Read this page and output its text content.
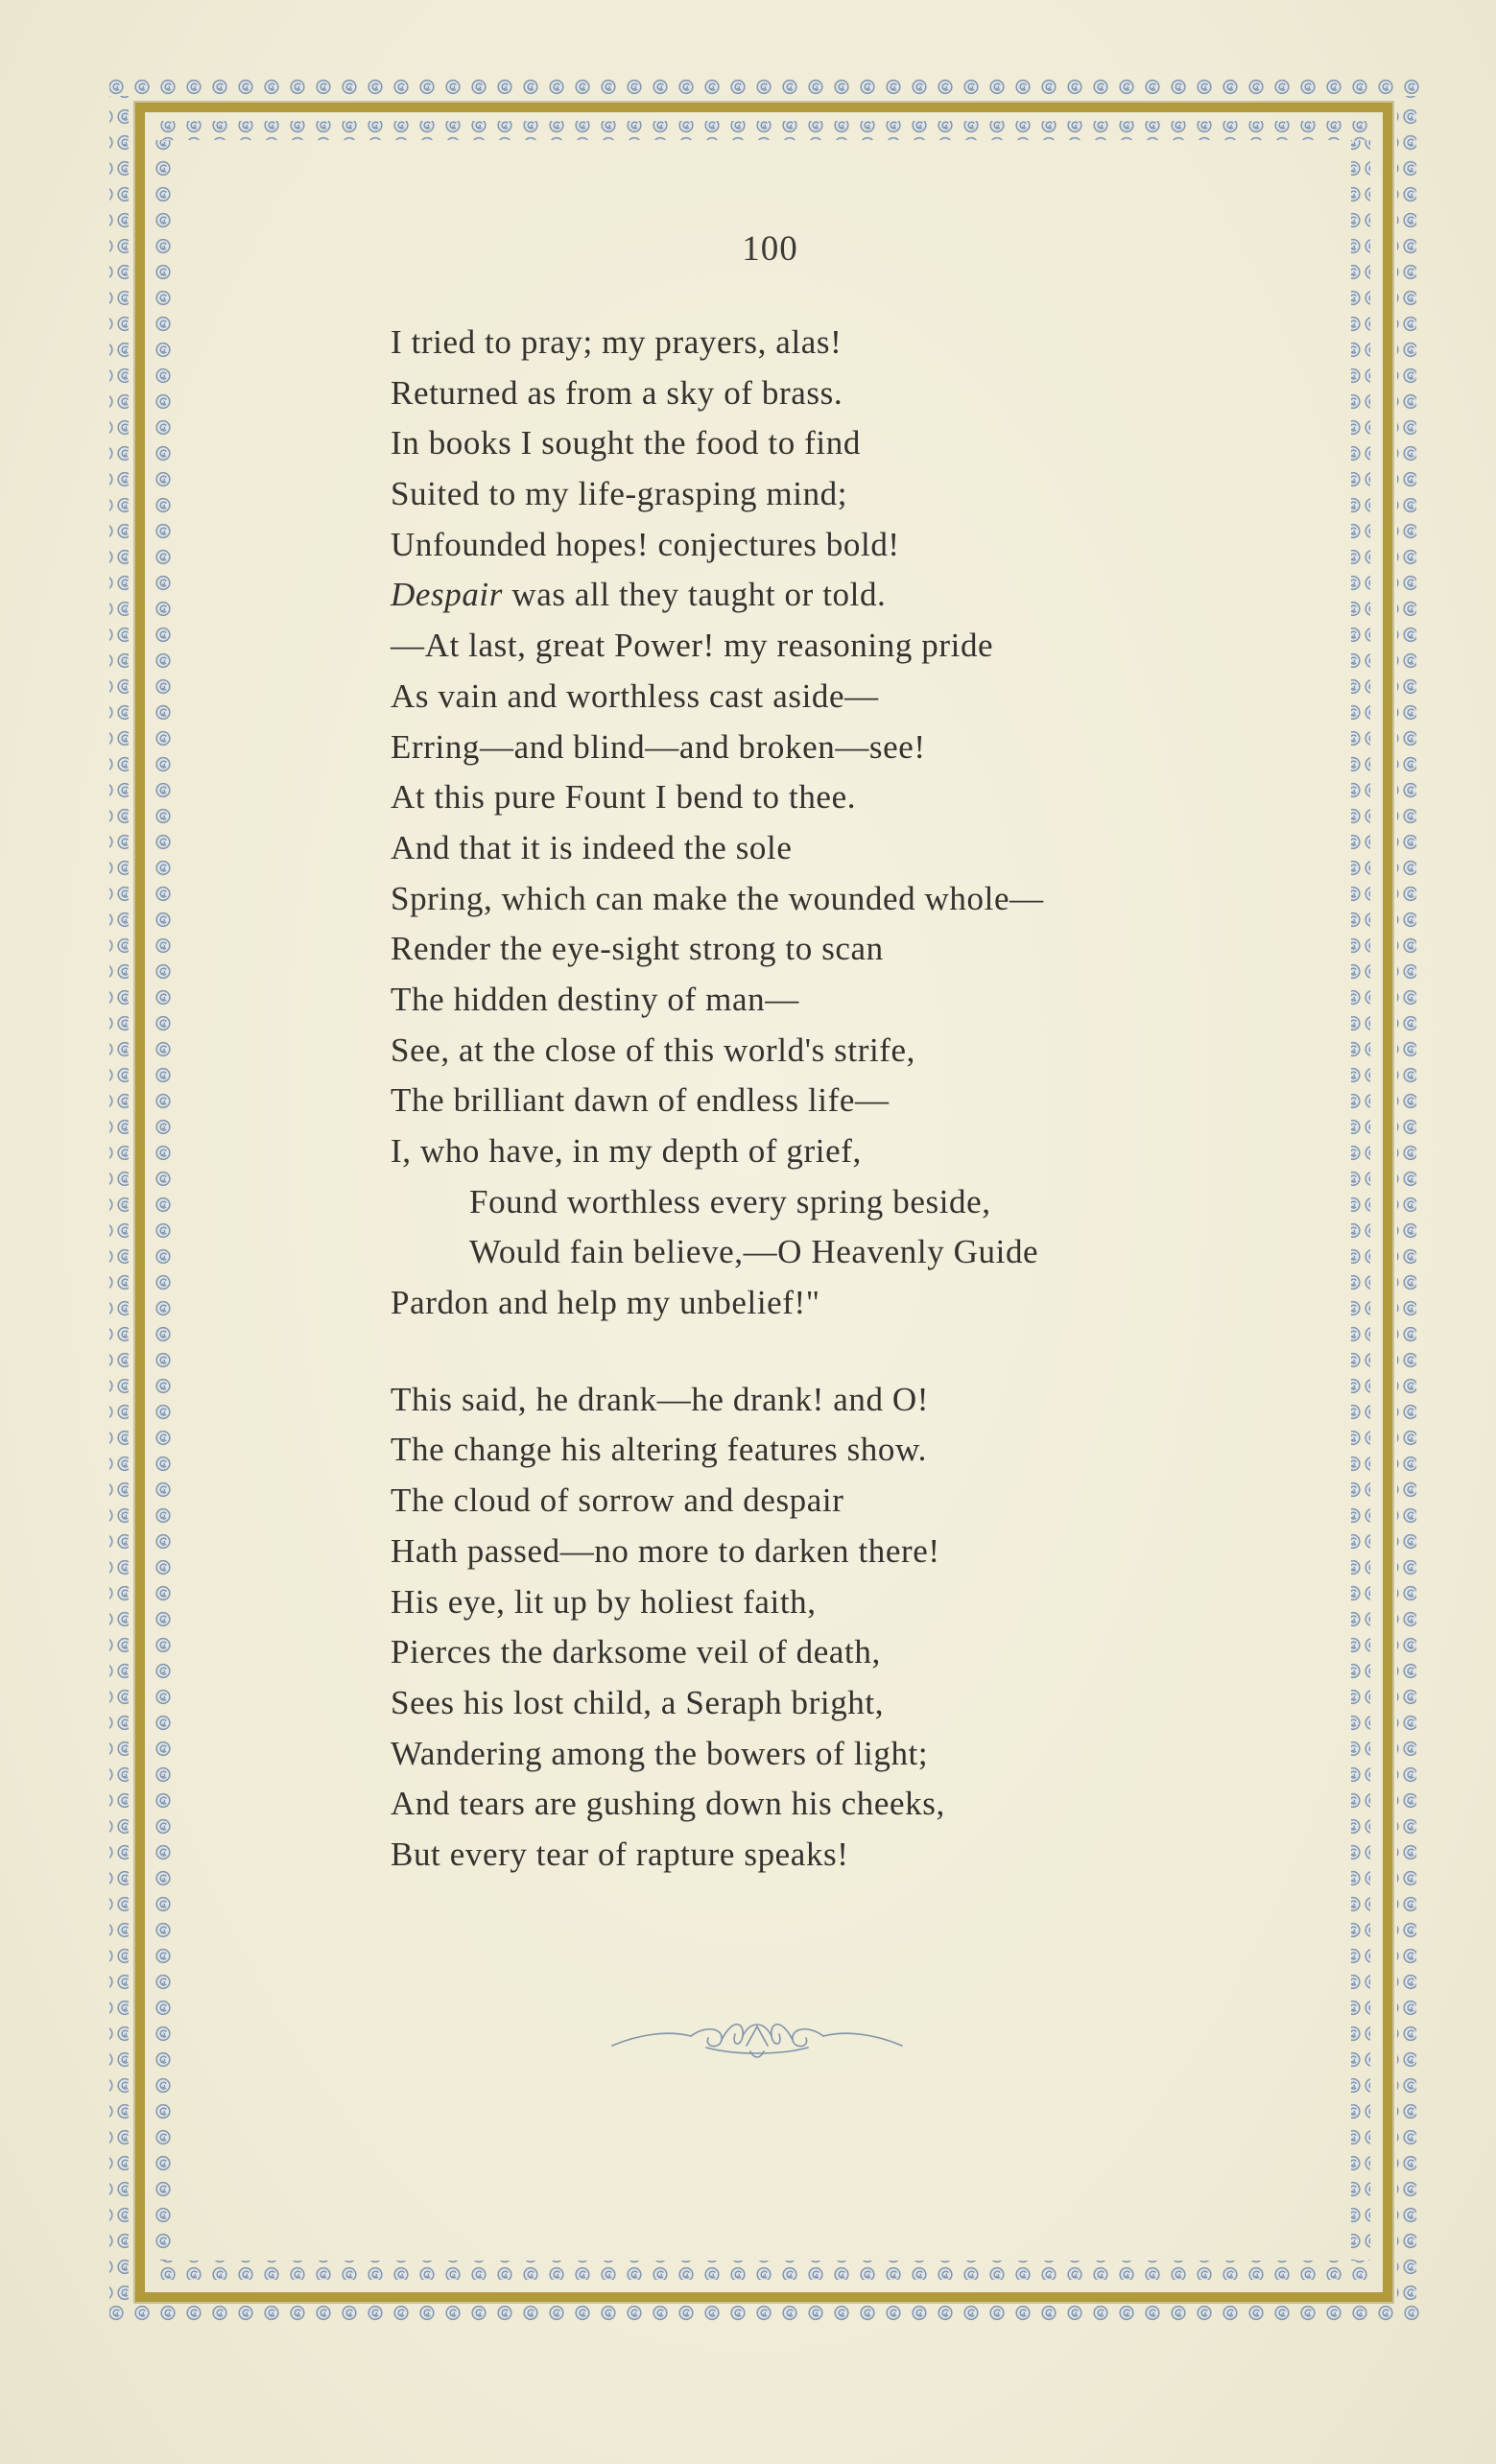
100
I tried to pray; my prayers, alas!
Returned as from a sky of brass.
In books I sought the food to find
Suited to my life-grasping mind;
Unfounded hopes! conjectures bold!
Despair was all they taught or told.
—At last, great Power! my reasoning pride
As vain and worthless cast aside—
Erring—and blind—and broken—see!
At this pure Fount I bend to thee.
And that it is indeed the sole
Spring, which can make the wounded whole—
Render the eye-sight strong to scan
The hidden destiny of man—
See, at the close of this world's strife,
The brilliant dawn of endless life—
I, who have, in my depth of grief,
Found worthless every spring beside,
Would fain believe,—O Heavenly Guide
Pardon and help my unbelief!"
This said, he drank—he drank! and O!
The change his altering features show.
The cloud of sorrow and despair
Hath passed—no more to darken there!
His eye, lit up by holiest faith,
Pierces the darksome veil of death,
Sees his lost child, a Seraph bright,
Wandering among the bowers of light;
And tears are gushing down his cheeks,
But every tear of rapture speaks!
